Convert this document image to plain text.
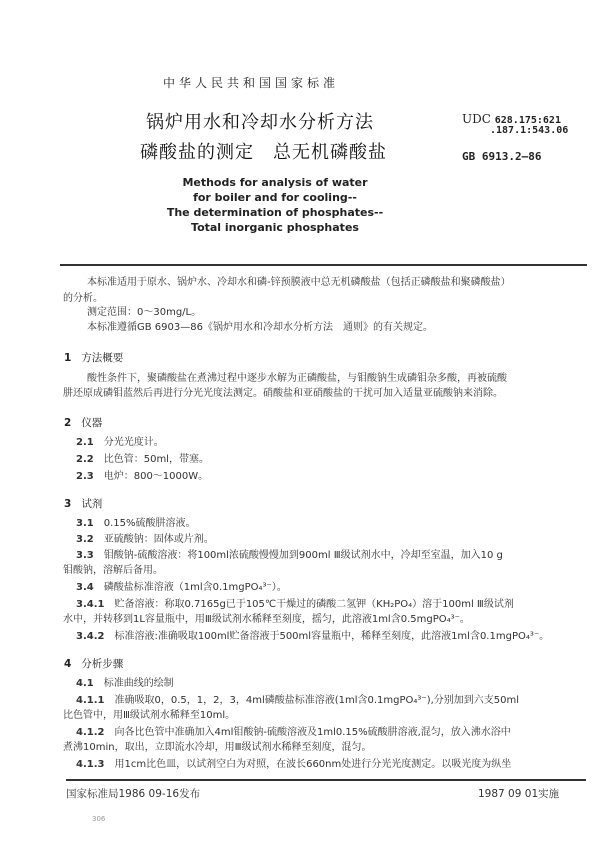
中华人民共和国国家标准
锅炉用水和冷却水分析方法
磷酸盐的测定　总无机磷酸盐
UDC 628.175:621
.187.1:543.06
GB 6913.2—86
Methods for analysis of water
for boiler and for cooling--
The determination of phosphates--
Total inorganic phosphates
本标准适用于原水、锅炉水、冷却水和磷-锌预膜液中总无机磷酸盐（包括正磷酸盐和聚磷酸盐）
的分析。
测定范围：0～30mg/L。
本标准遵循GB 6903—86《锅炉用水和冷却水分析方法　通则》的有关规定。
1 方法概要
酸性条件下，聚磷酸盐在煮沸过程中逐步水解为正磷酸盐，与钼酸钠生成磷钼杂多酸，再被硫酸
肼还原成磷钼蓝然后再进行分光光度法测定。硝酸盐和亚硝酸盐的干扰可加入适量亚硫酸钠来消除。
2 仪器
2.1 分光光度计。
2.2 比色管：50ml，带塞。
2.3 电炉：800～1000W。
3 试剂
3.1 0.15%硫酸肼溶液。
3.2 亚硫酸钠：固体或片剂。
3.3 钼酸钠-硫酸溶液：将100ml浓硫酸慢慢加到900ml Ⅲ级试剂水中，冷却至室温，加入10 g
钼酸钠，溶解后备用。
3.4 磷酸盐标准溶液（1ml含0.1mgPO₄³⁻）。
3.4.1 贮备溶液：称取0.7165g已于105℃干燥过的磷酸二氢钾（KH₂PO₄）溶于100ml Ⅲ级试剂
水中，并转移到1L容量瓶中，用Ⅲ级试剂水稀释至刻度，摇匀，此溶液1ml含0.5mgPO₄³⁻。
3.4.2 标准溶液:准确吸取100ml贮备溶液于500ml容量瓶中，稀释至刻度，此溶液1ml含0.1mgPO₄³⁻。
4 分析步骤
4.1 标准曲线的绘制
4.1.1 准确吸取0，0.5，1，2，3，4ml磷酸盐标准溶液(1ml含0.1mgPO₄³⁻),分别加到六支50ml
比色管中，用Ⅲ级试剂水稀释至10ml。
4.1.2 向各比色管中准确加入4ml钼酸钠-硫酸溶液及1ml0.15%硫酸肼溶液,混匀，放入沸水浴中
煮沸10min，取出，立即流水冷却，用Ⅲ级试剂水稀释至刻度，混匀。
4.1.3 用1cm比色皿，以试剂空白为对照，在波长660nm处进行分光光度测定。以吸光度为纵坐
国家标准局1986 09-16发布	1987 09 01实施
306
